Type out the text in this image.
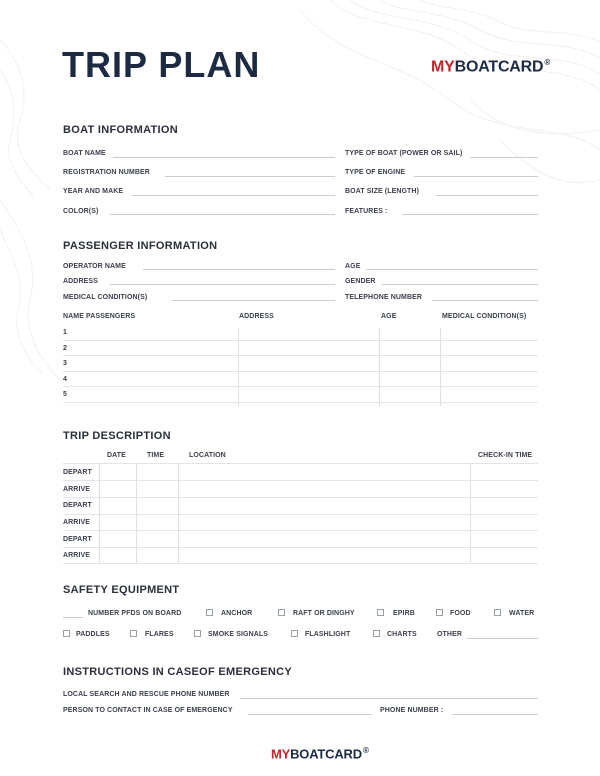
TRIP PLAN	MYBOATCARD®
BOAT INFORMATION
BOAT NAME	TYPE OF BOAT (POWER OR SAIL)
REGISTRATION NUMBER	TYPE OF ENGINE
YEAR AND MAKE	BOAT SIZE (LENGTH)
COLOR(S)	FEATURES :
PASSENGER INFORMATION
OPERATOR NAME	AGE
ADDRESS	GENDER
MEDICAL CONDITION(S)	TELEPHONE NUMBER
NAME PASSENGERS	ADDRESS	AGE	MEDICAL CONDITION(S)
1
2
3
4
5
TRIP DESCRIPTION
DATE	TIME	LOCATION	CHECK-IN TIME
DEPART
ARRIVE
DEPART
ARRIVE
DEPART
ARRIVE
SAFETY EQUIPMENT
NUMBER PFDS ON BOARD	ANCHOR	RAFT OR DINGHY	EPIRB	FOOD	WATER
PADDLES	FLARES	SMOKE SIGNALS	FLASHLIGHT	CHARTS	OTHER
INSTRUCTIONS IN CASEOF EMERGENCY
LOCAL SEARCH AND RESCUE PHONE NUMBER
PERSON TO CONTACT IN CASE OF EMERGENCY	PHONE NUMBER :
MYBOATCARD®
